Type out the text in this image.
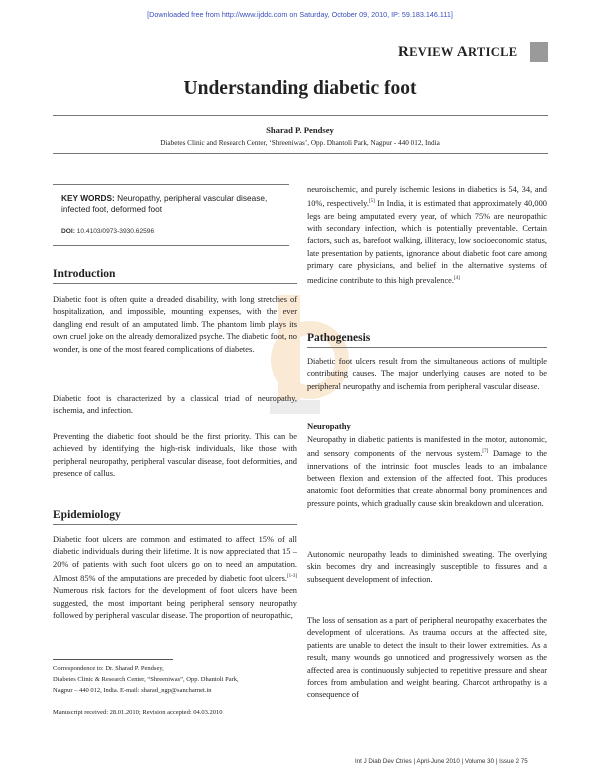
[Downloaded free from http://www.ijddc.com on Saturday, October 09, 2010, IP: 59.183.146.111]
REVIEW ARTICLE
Understanding diabetic foot
Sharad P. Pendsey
Diabetes Clinic and Research Center, ‘Shreeniwas’, Opp. Dhantoli Park, Nagpur - 440 012, India
KEY WORDS: Neuropathy, peripheral vascular disease, infected foot, deformed foot
DOI: 10.4103/0973-3930.62596
Introduction
Diabetic foot is often quite a dreaded disability, with long stretches of hospitalization, and impossible, mounting expenses, with the ever dangling end result of an amputated limb. The phantom limb plays its own cruel joke on the already demoralized psyche. The diabetic foot, no wonder, is one of the most feared complications of diabetes.
Diabetic foot is characterized by a classical triad of neuropathy, ischemia, and infection.
Preventing the diabetic foot should be the first priority. This can be achieved by identifying the high-risk individuals, like those with peripheral neuropathy, peripheral vascular disease, foot deformities, and presence of callus.
Epidemiology
Diabetic foot ulcers are common and estimated to affect 15% of all diabetic individuals during their lifetime. It is now appreciated that 15 – 20% of patients with such foot ulcers go on to need an amputation. Almost 85% of the amputations are preceded by diabetic foot ulcers.[1-3] Numerous risk factors for the development of foot ulcers have been suggested, the most important being peripheral sensory neuropathy followed by peripheral vascular disease. The proportion of neuropathic,
Correspondence to: Dr. Sharad P. Pendsey,
Diabetes Clinic & Research Center, “Shreeniwas”, Opp. Dhantoli Park,
Nagpur – 440 012, India. E-mail: sharad_ngp@sancharnet.in
Manuscript received: 28.01.2010; Revision accepted: 04.03.2010
neuroischemic, and purely ischemic lesions in diabetics is 54, 34, and 10%, respectively.[5] In India, it is estimated that approximately 40,000 legs are being amputated every year, of which 75% are neuropathic with secondary infection, which is potentially preventable. Certain factors, such as, barefoot walking, illiteracy, low socioeconomic status, late presentation by patients, ignorance about diabetic foot care among primary care physicians, and belief in the alternative systems of medicine contribute to this high prevalence.[4]
Pathogenesis
Diabetic foot ulcers result from the simultaneous actions of multiple contributing causes. The major underlying causes are noted to be peripheral neuropathy and ischemia from peripheral vascular disease.
Neuropathy
Neuropathy in diabetic patients is manifested in the motor, autonomic, and sensory components of the nervous system.[7] Damage to the innervations of the intrinsic foot muscles leads to an imbalance between flexion and extension of the affected foot. This produces anatomic foot deformities that create abnormal bony prominences and pressure points, which gradually cause skin breakdown and ulceration.
Autonomic neuropathy leads to diminished sweating. The overlying skin becomes dry and increasingly susceptible to fissures and a subsequent development of infection.
The loss of sensation as a part of peripheral neuropathy exacerbates the development of ulcerations. As trauma occurs at the affected site, patients are unable to detect the insult to their lower extremities. As a result, many wounds go unnoticed and progressively worsen as the affected area is continuously subjected to repetitive pressure and shear forces from ambulation and weight bearing. Charcot arthropathy is a consequence of
Int J Diab Dev Ctries | April-June 2010 | Volume 30 | Issue 2 75
